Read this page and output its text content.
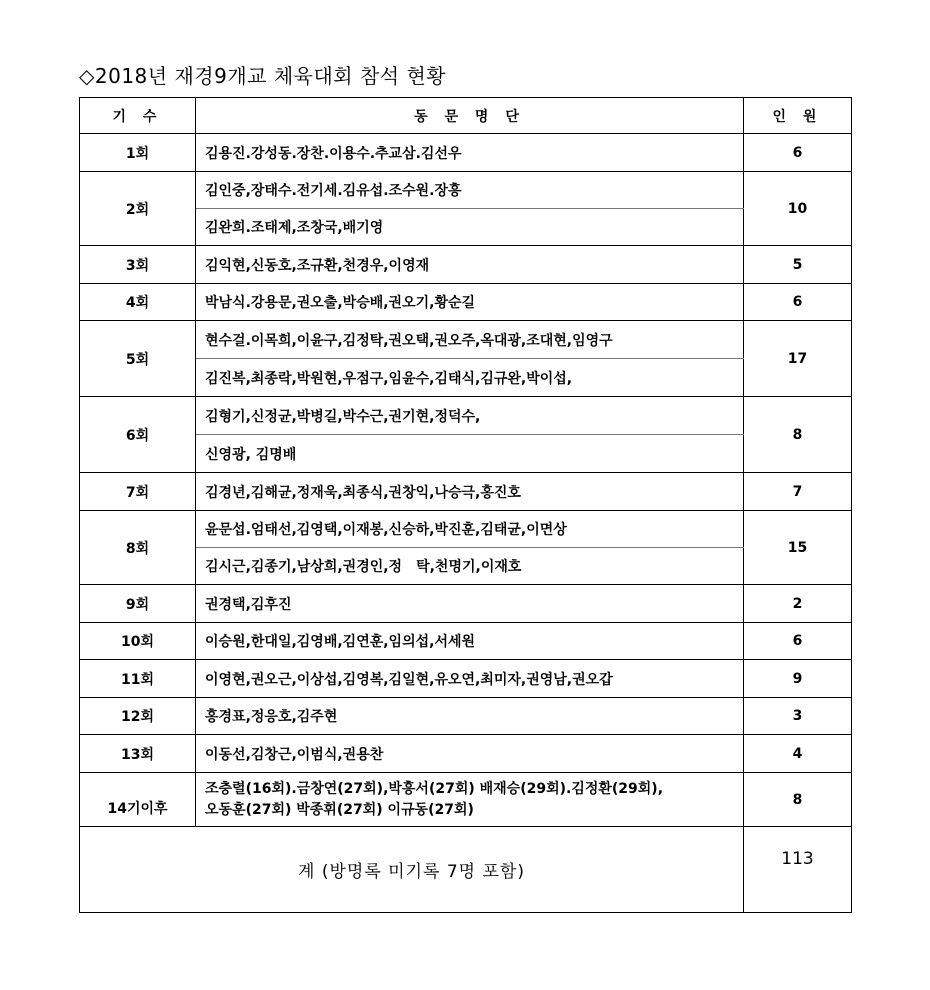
◇2018년 재경9개교 체육대회 참석 현황
기 수	동 문 명 단	인 원
1회	김용진.강성동.장찬.이용수.추교삼.김선우	6
2회	김인중,장태수.전기세.김유섭.조수원.장흥	10
	김완희.조태제,조창국,배기영	
3회	김익현,신동호,조규환,천경우,이영재	5
4회	박남식.강용문,권오출,박승배,권오기,황순길	6
5회	현수걸.이목희,이윤구,김정탁,권오택,권오주,옥대광,조대현,임영구	17
	김진복,최종락,박원현,우점구,임윤수,김태식,김규완,박이섭,	
6회	김형기,신정균,박병길,박수근,권기현,정덕수,	8
	신영광, 김명배	
7회	김경년,김해균,정재욱,최종식,권창익,나승극,홍진호	7
8회	윤문섭.엄태선,김영택,이재봉,신승하,박진훈,김태균,이면상	15
	김시근,김종기,남상희,권경인,정　탁,천명기,이재호	
9회	권경택,김후진	2
10회	이승원,한대일,김영배,김연훈,임의섭,서세원	6
11회	이영현,권오근,이상섭,김영복,김일현,유오연,최미자,권영남,권오갑	9
12회	홍경표,정응호,김주현	3
13회	이동선,김창근,이범식,권용찬	4
14기이후	조충렬(16회).금창연(27회),박흥서(27회) 배재승(29회).김정환(29회),
오동훈(27회) 박종휘(27회) 이규동(27회)	8
계 (방명록 미기록 7명 포함)		113
